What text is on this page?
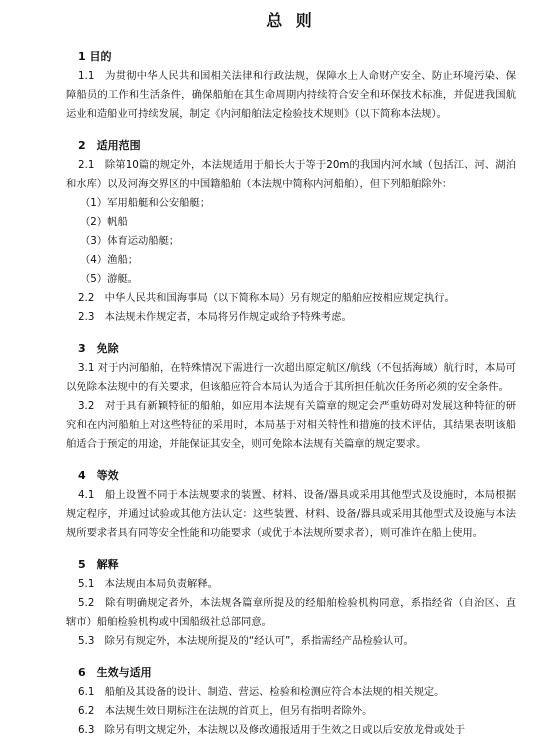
总 则
1 目的

1.1　为贯彻中华人民共和国相关法律和行政法规，保障水上人命财产安全、防止环境污染、保障船员的工作和生活条件，确保船舶在其生命周期内持续符合安全和环保技术标准，并促进我国航运业和造船业可持续发展，制定《内河船舶法定检验技术规则》（以下简称本法规）。

2　适用范围

2.1　除第10篇的规定外，本法规适用于船长大于等于20m的我国内河水域（包括江、河、湖泊和水库）以及河海交界区的中国籍船舶（本法规中简称内河船舶），但下列船舶除外：

（1）军用船艇和公安船艇；
（2）帆船
（3）体育运动船艇；
（4）渔船；
（5）游艇。

2.2　中华人民共和国海事局（以下简称本局）另有规定的船舶应按相应规定执行。

2.3　本法规未作规定者，本局将另作规定或给予特殊考虑。

3　免除

3.1 对于内河船舶，在特殊情况下需进行一次超出原定航区/航线（不包括海域）航行时，本局可以免除本法规中的有关要求，但该船应符合本局认为适合于其所担任航次任务所必须的安全条件。

3.2　对于具有新颖特征的船舶，如应用本法规有关篇章的规定会严重妨碍对发展这种特征的研究和在内河船舶上对这些特征的采用时，本局基于对相关特性和措施的技术评估，其结果表明该船舶适合于预定的用途，并能保证其安全，则可免除本法规有关篇章的规定要求。

4　等效

4.1　船上设置不同于本法规要求的装置、材料、设备/器具或采用其他型式及设施时，本局根据规定程序，并通过试验或其他方法认定：这些装置、材料、设备/器具或采用其他型式及设施与本法规所要求者具有同等安全性能和功能要求（或优于本法规所要求者），则可准许在船上使用。

5　解释

5.1　本法规由本局负责解释。

5.2　除有明确规定者外，本法规各篇章所提及的经船舶检验机构同意，系指经省（自治区、直辖市）船舶检验机构或中国船级社总部同意。

5.3　除另有规定外，本法规所提及的“经认可”，系指需经产品检验认可。

6　生效与适用

6.1　船舶及其设备的设计、制造、营运、检验和检测应符合本法规的相关规定。

6.2　本法规生效日期标注在法规的首页上，但另有指明者除外。

6.3　除另有明文规定外，本法规以及修改通报适用于生效之日或以后安放龙骨或处于
